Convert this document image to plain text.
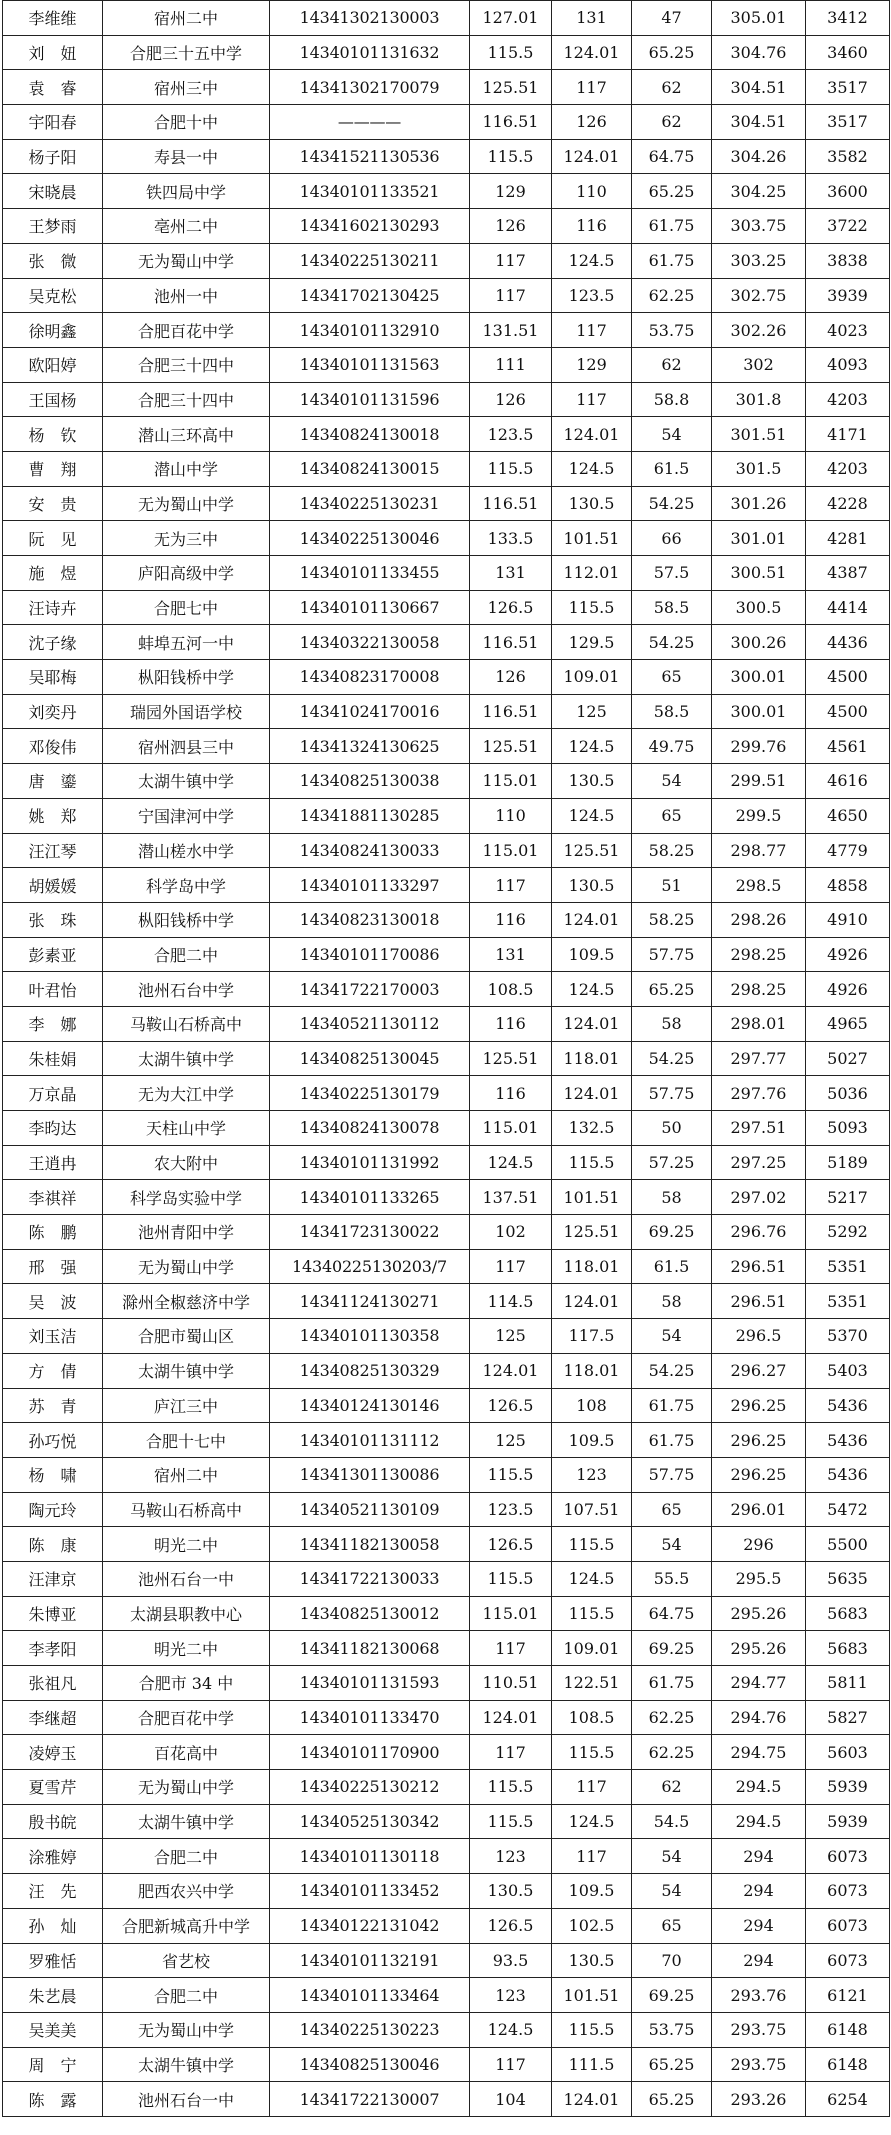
李维维	宿州二中	14341302130003	127.01	131	47	305.01	3412
刘　妞	合肥三十五中学	14340101131632	115.5	124.01	65.25	304.76	3460
袁　睿	宿州三中	14341302170079	125.51	117	62	304.51	3517
宇阳春	合肥十中	————	116.51	126	62	304.51	3517
杨子阳	寿县一中	14341521130536	115.5	124.01	64.75	304.26	3582
宋晓晨	铁四局中学	14340101133521	129	110	65.25	304.25	3600
王梦雨	亳州二中	14341602130293	126	116	61.75	303.75	3722
张　微	无为蜀山中学	14340225130211	117	124.5	61.75	303.25	3838
吴克松	池州一中	14341702130425	117	123.5	62.25	302.75	3939
徐明鑫	合肥百花中学	14340101132910	131.51	117	53.75	302.26	4023
欧阳婷	合肥三十四中	14340101131563	111	129	62	302	4093
王国杨	合肥三十四中	14340101131596	126	117	58.8	301.8	4203
杨　钦	潜山三环高中	14340824130018	123.5	124.01	54	301.51	4171
曹　翔	潜山中学	14340824130015	115.5	124.5	61.5	301.5	4203
安　贵	无为蜀山中学	14340225130231	116.51	130.5	54.25	301.26	4228
阮　见	无为三中	14340225130046	133.5	101.51	66	301.01	4281
施　煜	庐阳高级中学	14340101133455	131	112.01	57.5	300.51	4387
汪诗卉	合肥七中	14340101130667	126.5	115.5	58.5	300.5	4414
沈子缘	蚌埠五河一中	14340322130058	116.51	129.5	54.25	300.26	4436
吴耶梅	枞阳钱桥中学	14340823170008	126	109.01	65	300.01	4500
刘奕丹	瑞园外国语学校	14341024170016	116.51	125	58.5	300.01	4500
邓俊伟	宿州泗县三中	14341324130625	125.51	124.5	49.75	299.76	4561
唐　鎏	太湖牛镇中学	14340825130038	115.01	130.5	54	299.51	4616
姚　郑	宁国津河中学	14341881130285	110	124.5	65	299.5	4650
汪江琴	潜山槎水中学	14340824130033	115.01	125.51	58.25	298.77	4779
胡媛媛	科学岛中学	14340101133297	117	130.5	51	298.5	4858
张　珠	枞阳钱桥中学	14340823130018	116	124.01	58.25	298.26	4910
彭素亚	合肥二中	14340101170086	131	109.5	57.75	298.25	4926
叶君怡	池州石台中学	14341722170003	108.5	124.5	65.25	298.25	4926
李　娜	马鞍山石桥高中	14340521130112	116	124.01	58	298.01	4965
朱桂娟	太湖牛镇中学	14340825130045	125.51	118.01	54.25	297.77	5027
万京晶	无为大江中学	14340225130179	116	124.01	57.75	297.76	5036
李昀达	天柱山中学	14340824130078	115.01	132.5	50	297.51	5093
王逍冉	农大附中	14340101131992	124.5	115.5	57.25	297.25	5189
李祺祥	科学岛实验中学	14340101133265	137.51	101.51	58	297.02	5217
陈　鹏	池州青阳中学	14341723130022	102	125.51	69.25	296.76	5292
邢　强	无为蜀山中学	14340225130203/7	117	118.01	61.5	296.51	5351
吴　波	滁州全椒慈济中学	14341124130271	114.5	124.01	58	296.51	5351
刘玉洁	合肥市蜀山区	14340101130358	125	117.5	54	296.5	5370
方　倩	太湖牛镇中学	14340825130329	124.01	118.01	54.25	296.27	5403
苏　青	庐江三中	14340124130146	126.5	108	61.75	296.25	5436
孙巧悦	合肥十七中	14340101131112	125	109.5	61.75	296.25	5436
杨　啸	宿州二中	14341301130086	115.5	123	57.75	296.25	5436
陶元玲	马鞍山石桥高中	14340521130109	123.5	107.51	65	296.01	5472
陈　康	明光二中	14341182130058	126.5	115.5	54	296	5500
汪津京	池州石台一中	14341722130033	115.5	124.5	55.5	295.5	5635
朱博亚	太湖县职教中心	14340825130012	115.01	115.5	64.75	295.26	5683
李孝阳	明光二中	14341182130068	117	109.01	69.25	295.26	5683
张祖凡	合肥市 34 中	14340101131593	110.51	122.51	61.75	294.77	5811
李继超	合肥百花中学	14340101133470	124.01	108.5	62.25	294.76	5827
凌婷玉	百花高中	14340101170900	117	115.5	62.25	294.75	5603
夏雪芹	无为蜀山中学	14340225130212	115.5	117	62	294.5	5939
殷书皖	太湖牛镇中学	14340525130342	115.5	124.5	54.5	294.5	5939
涂雅婷	合肥二中	14340101130118	123	117	54	294	6073
汪　先	肥西农兴中学	14340101133452	130.5	109.5	54	294	6073
孙　灿	合肥新城高升中学	14340122131042	126.5	102.5	65	294	6073
罗雅恬	省艺校	14340101132191	93.5	130.5	70	294	6073
朱艺晨	合肥二中	14340101133464	123	101.51	69.25	293.76	6121
吴美美	无为蜀山中学	14340225130223	124.5	115.5	53.75	293.75	6148
周　宁	太湖牛镇中学	14340825130046	117	111.5	65.25	293.75	6148
陈　露	池州石台一中	14341722130007	104	124.01	65.25	293.26	6254
